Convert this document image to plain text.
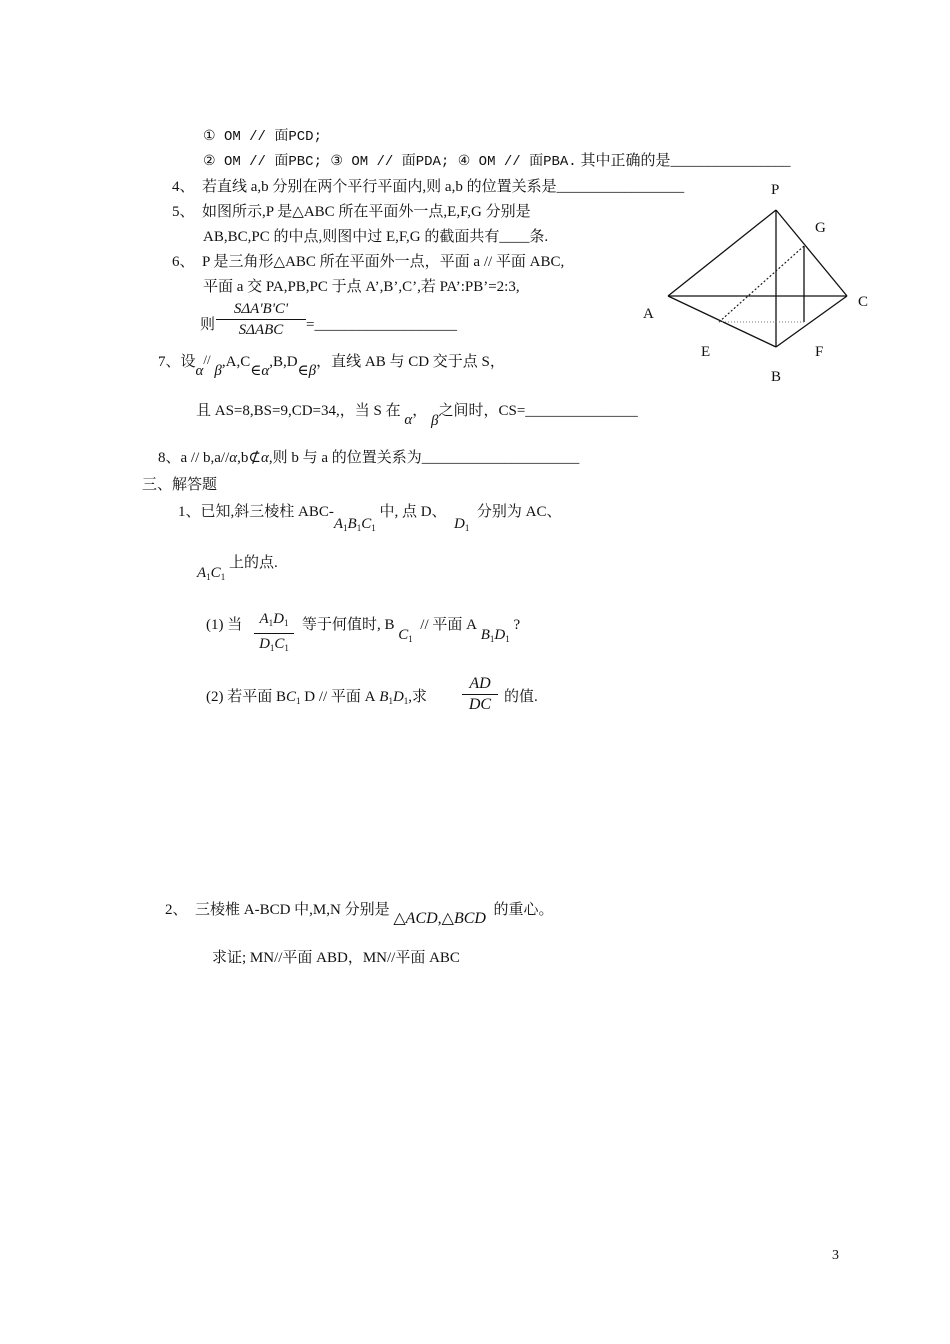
① OM // 面PCD;
② OM // 面PBC; ③ OM // 面PDA; ④ OM // 面PBA. 其中正确的是________________
4、 若直线 a,b 分别在两个平行平面内,则 a,b 的位置关系是_________________
5、 如图所示,P 是△ABC 所在平面外一点,E,F,G 分别是
AB,BC,PC 的中点,则图中过 E,F,G 的截面共有____条.
6、 P 是三角形△ABC 所在平面外一点，平面 a // 平面 ABC,
平面 a 交 PA,PB,PC 于点 A’,B’,C’,若 PA’:PB’=2:3,
则
SΔA'B'C'
SΔABC	=___________________
7、设α// β,A,C∈α,B,D∈β，直线 AB 与 CD 交于点 S，
且 AS=8,BS=9,CD=34,，当 S 在 α， β之间时，CS=_______________
8、a // b,a//α,b⊄α,则 b 与 a 的位置关系为_____________________
三、解答题
1、已知,斜三棱柱 ABC-$A_1B_1C_1$ 中, 点 D、  $D_1$  分别为 AC、
$A_1C_1$ 上的点.
(1) 当	$A_1D_1$
$D_1C_1$
等于何值时, B $C_1$  // 平面 A $B_1D_1$ ?
(2) 若平面 $BC_1$ D // 平面 A $B_1D_1$,求
AD
DC 的值.
2、 三棱椎 A-BCD 中,M,N 分别是 △ACD,△BCD 的重心。
求证; MN//平面 ABD，MN//平面 ABC
P
G
A
C
E	F
B
3
